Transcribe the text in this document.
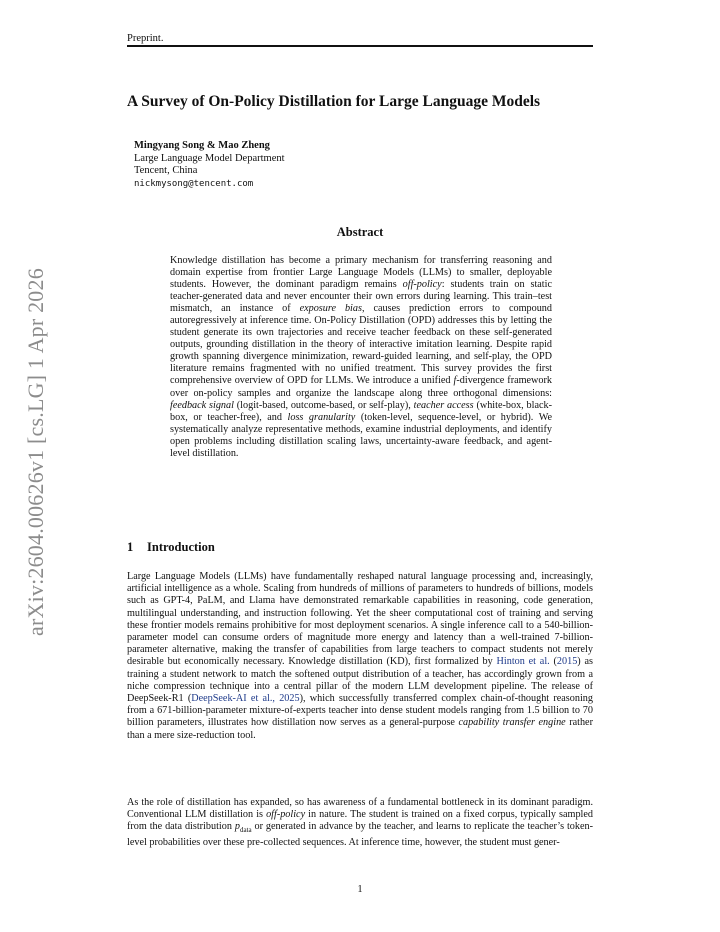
Preprint.
A Survey of On-Policy Distillation for Large Language Models
Mingyang Song & Mao Zheng
Large Language Model Department
Tencent, China
nickmysong@tencent.com
arXiv:2604.00626v1 [cs.LG] 1 Apr 2026
Abstract
Knowledge distillation has become a primary mechanism for transferring reasoning and domain expertise from frontier Large Language Models (LLMs) to smaller, deployable students. However, the dominant paradigm remains off-policy: students train on static teacher-generated data and never encounter their own errors during learning. This train–test mismatch, an instance of exposure bias, causes prediction errors to compound autoregressively at inference time. On-Policy Distillation (OPD) addresses this by letting the student generate its own trajectories and receive teacher feedback on these self-generated outputs, grounding distillation in the theory of interactive imitation learning. Despite rapid growth spanning divergence minimization, reward-guided learning, and self-play, the OPD literature remains fragmented with no unified treatment. This survey provides the first comprehensive overview of OPD for LLMs. We introduce a unified f-divergence framework over on-policy samples and organize the landscape along three orthogonal dimensions: feedback signal (logit-based, outcome-based, or self-play), teacher access (white-box, black-box, or teacher-free), and loss granularity (token-level, sequence-level, or hybrid). We systematically analyze representative methods, examine industrial deployments, and identify open problems including distillation scaling laws, uncertainty-aware feedback, and agent-level distillation.
1 Introduction
Large Language Models (LLMs) have fundamentally reshaped natural language processing and, increasingly, artificial intelligence as a whole. Scaling from hundreds of millions of parameters to hundreds of billions, models such as GPT-4, PaLM, and Llama have demonstrated remarkable capabilities in reasoning, code generation, multilingual understanding, and instruction following. Yet the sheer computational cost of training and serving these frontier models remains prohibitive for most deployment scenarios. A single inference call to a 540-billion-parameter model can consume orders of magnitude more energy and latency than a well-trained 7-billion-parameter alternative, making the transfer of capabilities from large teachers to compact students not merely desirable but economically necessary. Knowledge distillation (KD), first formalized by Hinton et al. (2015) as training a student network to match the softened output distribution of a teacher, has accordingly grown from a niche compression technique into a central pillar of the modern LLM development pipeline. The release of DeepSeek-R1 (DeepSeek-AI et al., 2025), which successfully transferred complex chain-of-thought reasoning from a 671-billion-parameter mixture-of-experts teacher into dense student models ranging from 1.5 billion to 70 billion parameters, illustrates how distillation now serves as a general-purpose capability transfer engine rather than a mere size-reduction tool.
As the role of distillation has expanded, so has awareness of a fundamental bottleneck in its dominant paradigm. Conventional LLM distillation is off-policy in nature. The student is trained on a fixed corpus, typically sampled from the data distribution $p_{data}$ or generated in advance by the teacher, and learns to replicate the teacher’s token-level probabilities over these pre-collected sequences. At inference time, however, the student must gener-
1
